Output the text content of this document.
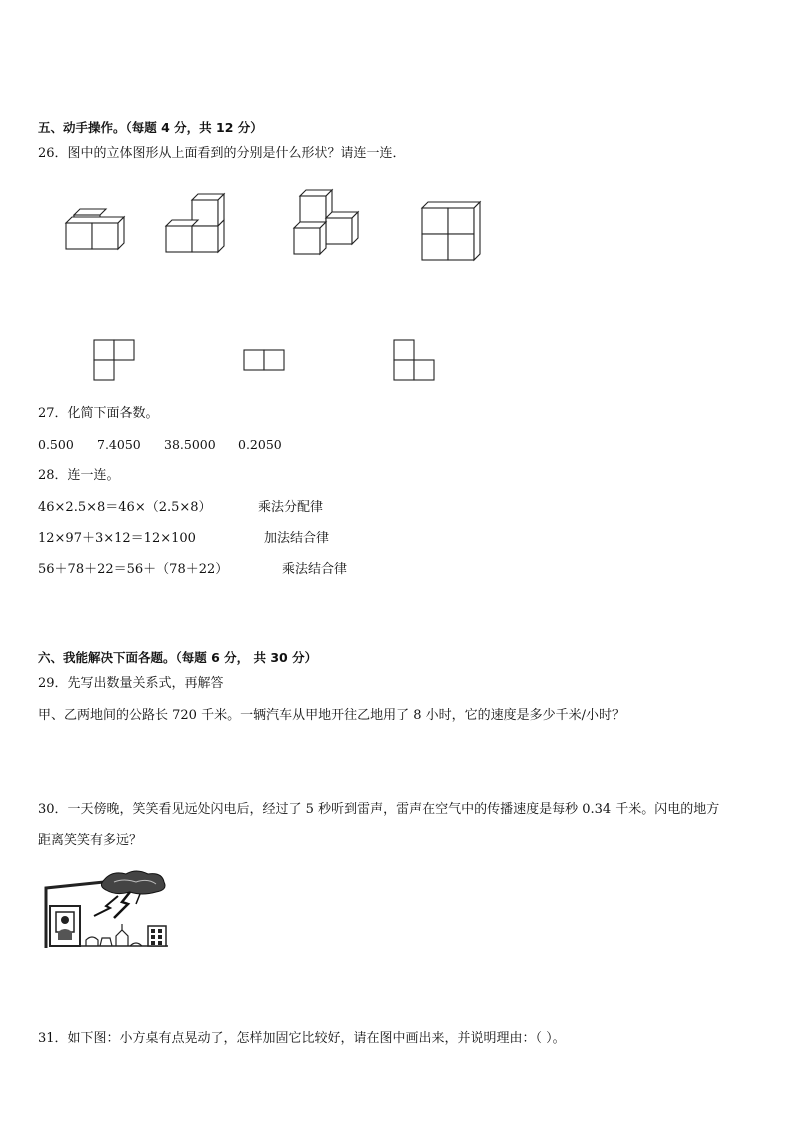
五、动手操作。（每题 4 分，共 12 分）
26．图中的立体图形从上面看到的分别是什么形状？请连一连．
27．化简下面各数。
0.500 7.4050 38.5000 0.2050
28．连一连。
46×2.5×8＝46×（2.5×8）	乘法分配律
12×97＋3×12＝12×100	加法结合律
56＋78＋22＝56＋（78＋22）	乘法结合律
六、我能解决下面各题。（每题 6 分， 共 30 分）
29．先写出数量关系式，再解答
甲、乙两地间的公路长 720 千米。一辆汽车从甲地开往乙地用了 8 小时，它的速度是多少千米/小时？
30．一天傍晚，笑笑看见远处闪电后，经过了 5 秒听到雷声，雷声在空气中的传播速度是每秒 0.34 千米。闪电的地方
距离笑笑有多远？
31．如下图：小方桌有点晃动了，怎样加固它比较好，请在图中画出来，并说明理由：（ ）。
